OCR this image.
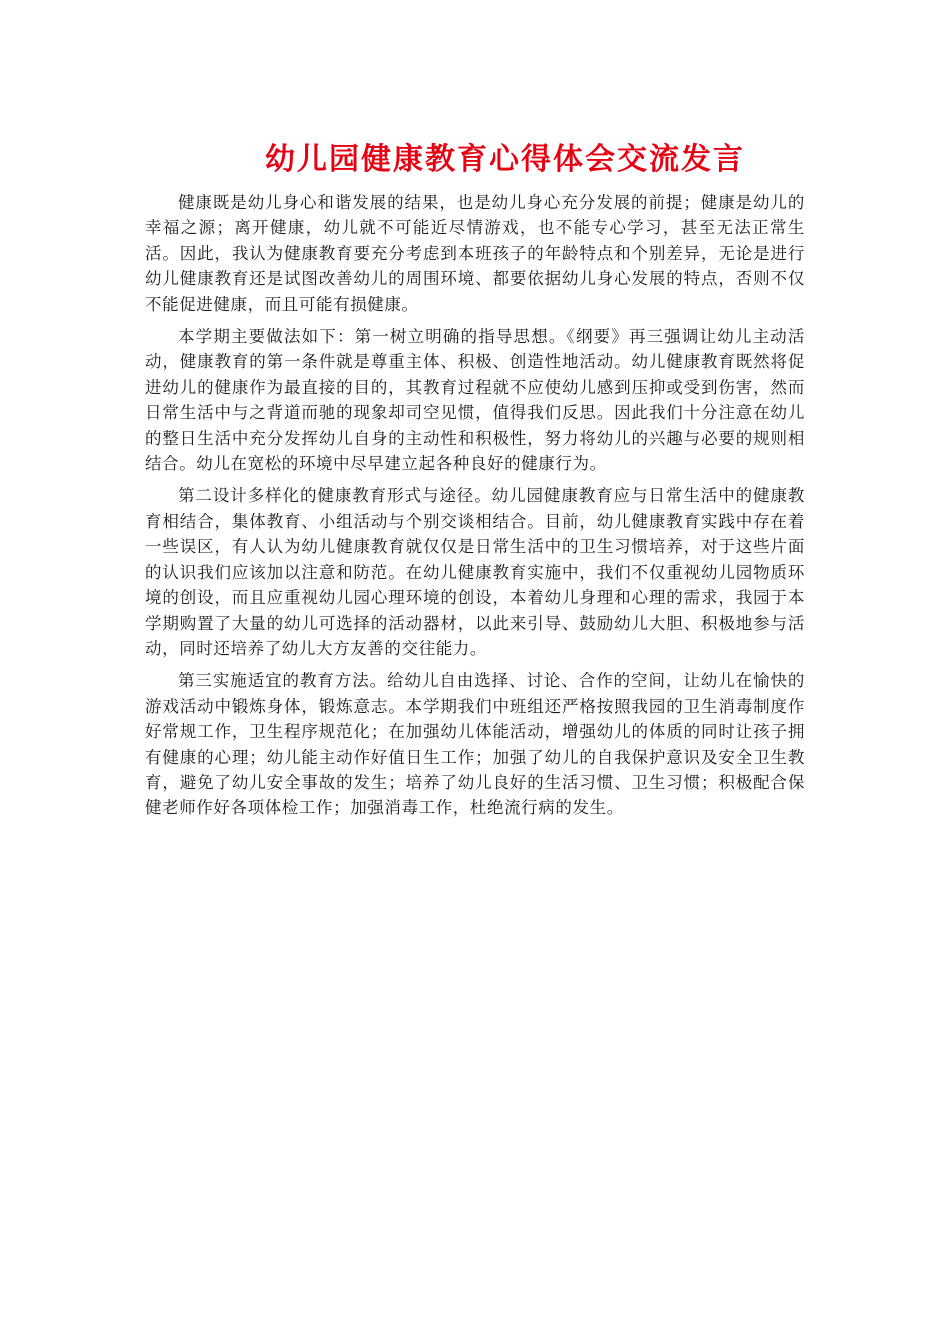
幼儿园健康教育心得体会交流发言

健康既是幼儿身心和谐发展的结果，也是幼儿身心充分发展的前提；健康是幼儿的幸福之源；离开健康，幼儿就不可能近尽情游戏，也不能专心学习，甚至无法正常生活。因此，我认为健康教育要充分考虑到本班孩子的年龄特点和个别差异，无论是进行幼儿健康教育还是试图改善幼儿的周围环境、都要依据幼儿身心发展的特点，否则不仅不能促进健康，而且可能有损健康。

本学期主要做法如下：第一树立明确的指导思想。《纲要》再三强调让幼儿主动活动，健康教育的第一条件就是尊重主体、积极、创造性地活动。幼儿健康教育既然将促进幼儿的健康作为最直接的目的，其教育过程就不应使幼儿感到压抑或受到伤害，然而日常生活中与之背道而驰的现象却司空见惯，值得我们反思。因此我们十分注意在幼儿的整日生活中充分发挥幼儿自身的主动性和积极性，努力将幼儿的兴趣与必要的规则相结合。幼儿在宽松的环境中尽早建立起各种良好的健康行为。

第二设计多样化的健康教育形式与途径。幼儿园健康教育应与日常生活中的健康教育相结合，集体教育、小组活动与个别交谈相结合。目前，幼儿健康教育实践中存在着一些误区，有人认为幼儿健康教育就仅仅是日常生活中的卫生习惯培养，对于这些片面的认识我们应该加以注意和防范。在幼儿健康教育实施中，我们不仅重视幼儿园物质环境的创设，而且应重视幼儿园心理环境的创设，本着幼儿身理和心理的需求，我园于本学期购置了大量的幼儿可选择的活动器材，以此来引导、鼓励幼儿大胆、积极地参与活动，同时还培养了幼儿大方友善的交往能力。

第三实施适宜的教育方法。给幼儿自由选择、讨论、合作的空间，让幼儿在愉快的游戏活动中锻炼身体，锻炼意志。本学期我们中班组还严格按照我园的卫生消毒制度作好常规工作，卫生程序规范化；在加强幼儿体能活动，增强幼儿的体质的同时让孩子拥有健康的心理；幼儿能主动作好值日生工作；加强了幼儿的自我保护意识及安全卫生教育，避免了幼儿安全事故的发生；培养了幼儿良好的生活习惯、卫生习惯；积极配合保健老师作好各项体检工作；加强消毒工作，杜绝流行病的发生。
